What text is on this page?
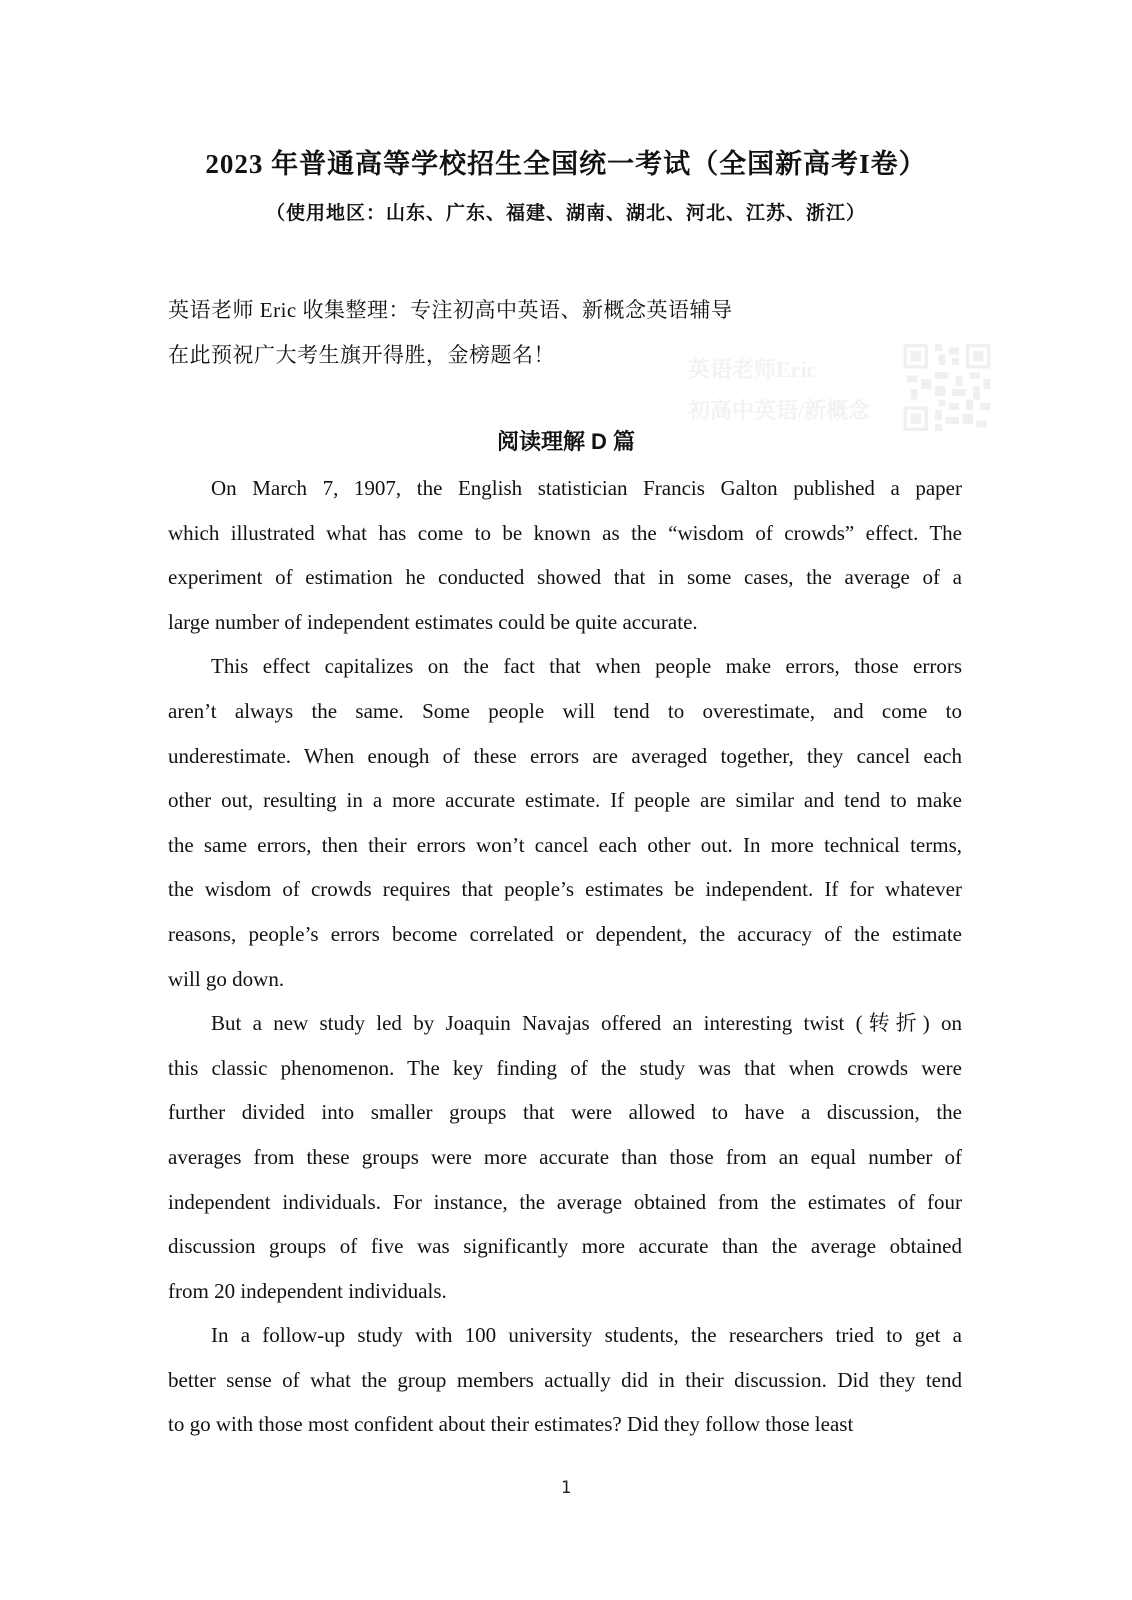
2023 年普通高等学校招生全国统一考试（全国新高考I卷）
（使用地区：山东、广东、福建、湖南、湖北、河北、江苏、浙江）
英语老师 Eric 收集整理：专注初高中英语、新概念英语辅导
在此预祝广大考生旗开得胜，金榜题名！
英语老师Eric
初高中英语/新概念
阅读理解 D 篇
On March 7, 1907, the English statistician Francis Galton published a paper
which illustrated what has come to be known as the “wisdom of crowds” effect. The
experiment of estimation he conducted showed that in some cases, the average of a
large number of independent estimates could be quite accurate.
This effect capitalizes on the fact that when people make errors, those errors
aren’t always the same. Some people will tend to overestimate, and come to
underestimate. When enough of these errors are averaged together, they cancel each
other out, resulting in a more accurate estimate. If people are similar and tend to make
the same errors, then their errors won’t cancel each other out. In more technical terms,
the wisdom of crowds requires that people’s estimates be independent. If for whatever
reasons, people’s errors become correlated or dependent, the accuracy of the estimate
will go down.
But a new study led by Joaquin Navajas offered an interesting twist (转折) on
this classic phenomenon. The key finding of the study was that when crowds were
further divided into smaller groups that were allowed to have a discussion, the
averages from these groups were more accurate than those from an equal number of
independent individuals. For instance, the average obtained from the estimates of four
discussion groups of five was significantly more accurate than the average obtained
from 20 independent individuals.
In a follow-up study with 100 university students, the researchers tried to get a
better sense of what the group members actually did in their discussion. Did they tend
to go with those most confident about their estimates? Did they follow those least
1
